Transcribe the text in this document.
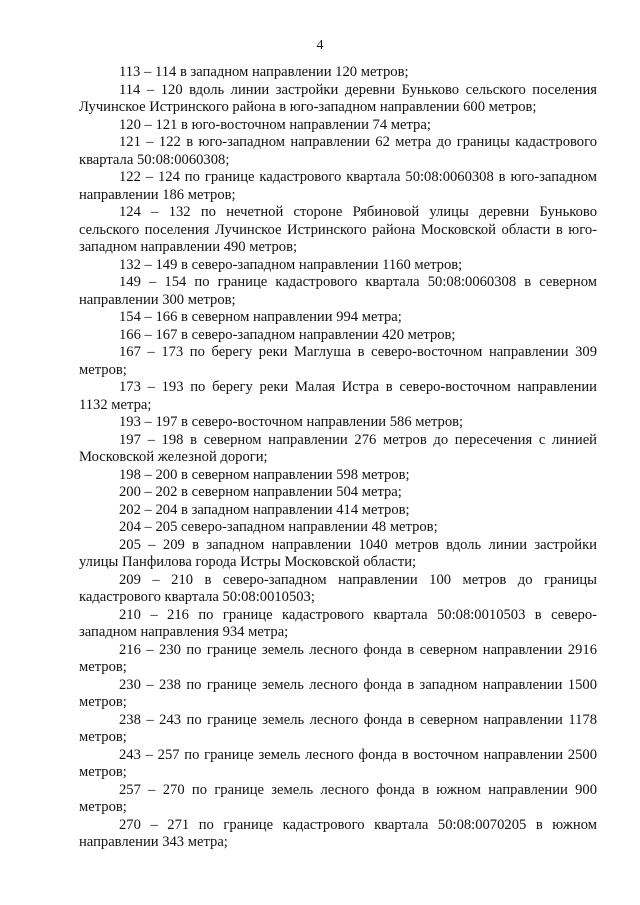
4

113 – 114 в западном направлении 120 метров;

114 – 120 вдоль линии застройки деревни Буньково сельского поселения Лучинское Истринского района в юго-западном направлении 600 метров;

120 – 121 в юго-восточном направлении 74 метра;

121 – 122 в юго-западном направлении 62 метра до границы кадастрового квартала 50:08:0060308;

122 – 124 по границе кадастрового квартала 50:08:0060308 в юго-западном направлении 186 метров;

124 – 132 по нечетной стороне Рябиновой улицы деревни Буньково сельского поселения Лучинское Истринского района Московской области в юго-западном направлении 490 метров;

132 – 149 в северо-западном направлении 1160 метров;

149 – 154 по границе кадастрового квартала 50:08:0060308 в северном направлении 300 метров;

154 – 166 в северном направлении 994 метра;

166 – 167 в северо-западном направлении 420 метров;

167 – 173 по берегу реки Маглуша в северо-восточном направлении 309 метров;

173 – 193 по берегу реки Малая Истра в северо-восточном направлении 1132 метра;

193 – 197 в северо-восточном направлении 586 метров;

197 – 198 в северном направлении 276 метров до пересечения с линией Московской железной дороги;

198 – 200 в северном направлении 598 метров;

200 – 202 в северном направлении 504 метра;

202 – 204 в западном направлении 414 метров;

204 – 205 северо-западном направлении 48 метров;

205 – 209 в западном направлении 1040 метров вдоль линии застройки улицы Панфилова города Истры Московской области;

209 – 210 в северо-западном направлении 100 метров до границы кадастрового квартала 50:08:0010503;

210 – 216 по границе кадастрового квартала 50:08:0010503 в северо-западном направления 934 метра;

216 – 230 по границе земель лесного фонда в северном направлении 2916 метров;

230 – 238 по границе земель лесного фонда в западном направлении 1500 метров;

238 – 243 по границе земель лесного фонда в северном направлении 1178 метров;

243 – 257 по границе земель лесного фонда в восточном направлении 2500 метров;

257 – 270 по границе земель лесного фонда в южном направлении 900 метров;

270 – 271 по границе кадастрового квартала 50:08:0070205 в южном направлении 343 метра;
